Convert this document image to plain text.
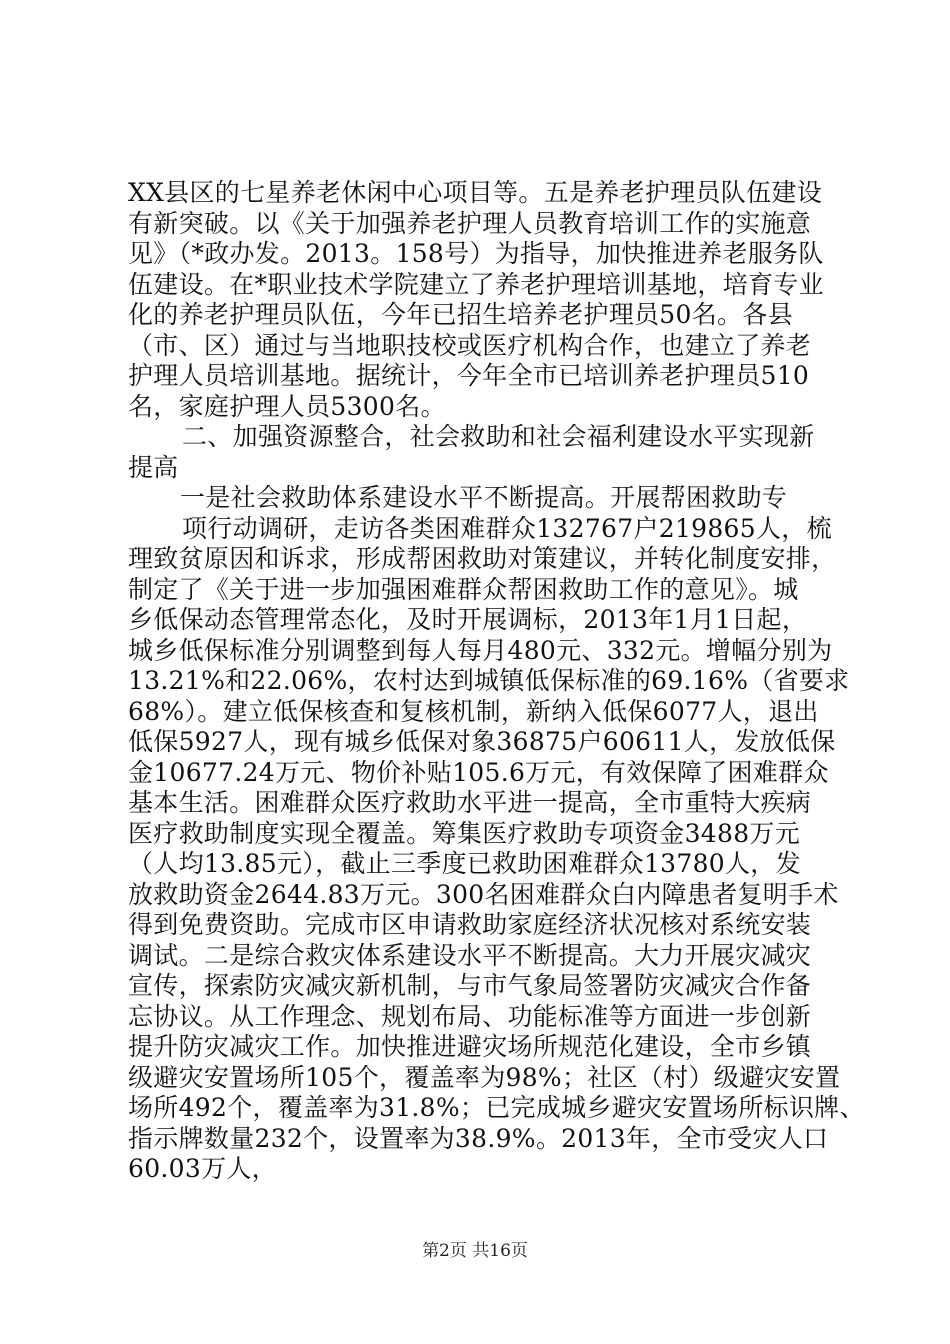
XX县区的七星养老休闲中心项目等。五是养老护理员队伍建设
有新突破。以《关于加强养老护理人员教育培训工作的实施意
见》（*政办发。2013。158号）为指导，加快推进养老服务队
伍建设。在*职业技术学院建立了养老护理培训基地，培育专业
化的养老护理员队伍，今年已招生培养老护理员50名。各县
（市、区）通过与当地职技校或医疗机构合作，也建立了养老
护理人员培训基地。据统计，今年全市已培训养老护理员510
名，家庭护理人员5300名。
二、加强资源整合，社会救助和社会福利建设水平实现新
提高
一是社会救助体系建设水平不断提高。开展帮困救助专
项行动调研，走访各类困难群众132767户219865人，梳
理致贫原因和诉求，形成帮困救助对策建议，并转化制度安排，
制定了《关于进一步加强困难群众帮困救助工作的意见》。城
乡低保动态管理常态化，及时开展调标，2013年1月1日起，
城乡低保标准分别调整到每人每月480元、332元。增幅分别为
13.21%和22.06%，农村达到城镇低保标准的69.16%（省要求
68%）。建立低保核查和复核机制，新纳入低保6077人，退出
低保5927人，现有城乡低保对象36875户60611人，发放低保
金10677.24万元、物价补贴105.6万元，有效保障了困难群众
基本生活。困难群众医疗救助水平进一提高，全市重特大疾病
医疗救助制度实现全覆盖。筹集医疗救助专项资金3488万元
（人均13.85元），截止三季度已救助困难群众13780人，发
放救助资金2644.83万元。300名困难群众白内障患者复明手术
得到免费资助。完成市区申请救助家庭经济状况核对系统安装
调试。二是综合救灾体系建设水平不断提高。大力开展灾减灾
宣传，探索防灾减灾新机制，与市气象局签署防灾减灾合作备
忘协议。从工作理念、规划布局、功能标准等方面进一步创新
提升防灾减灾工作。加快推进避灾场所规范化建设，全市乡镇
级避灾安置场所105个，覆盖率为98%；社区（村）级避灾安置
场所492个，覆盖率为31.8%；已完成城乡避灾安置场所标识牌、
指示牌数量232个，设置率为38.9%。2013年，全市受灾人口
60.03万人，
第2页 共16页
